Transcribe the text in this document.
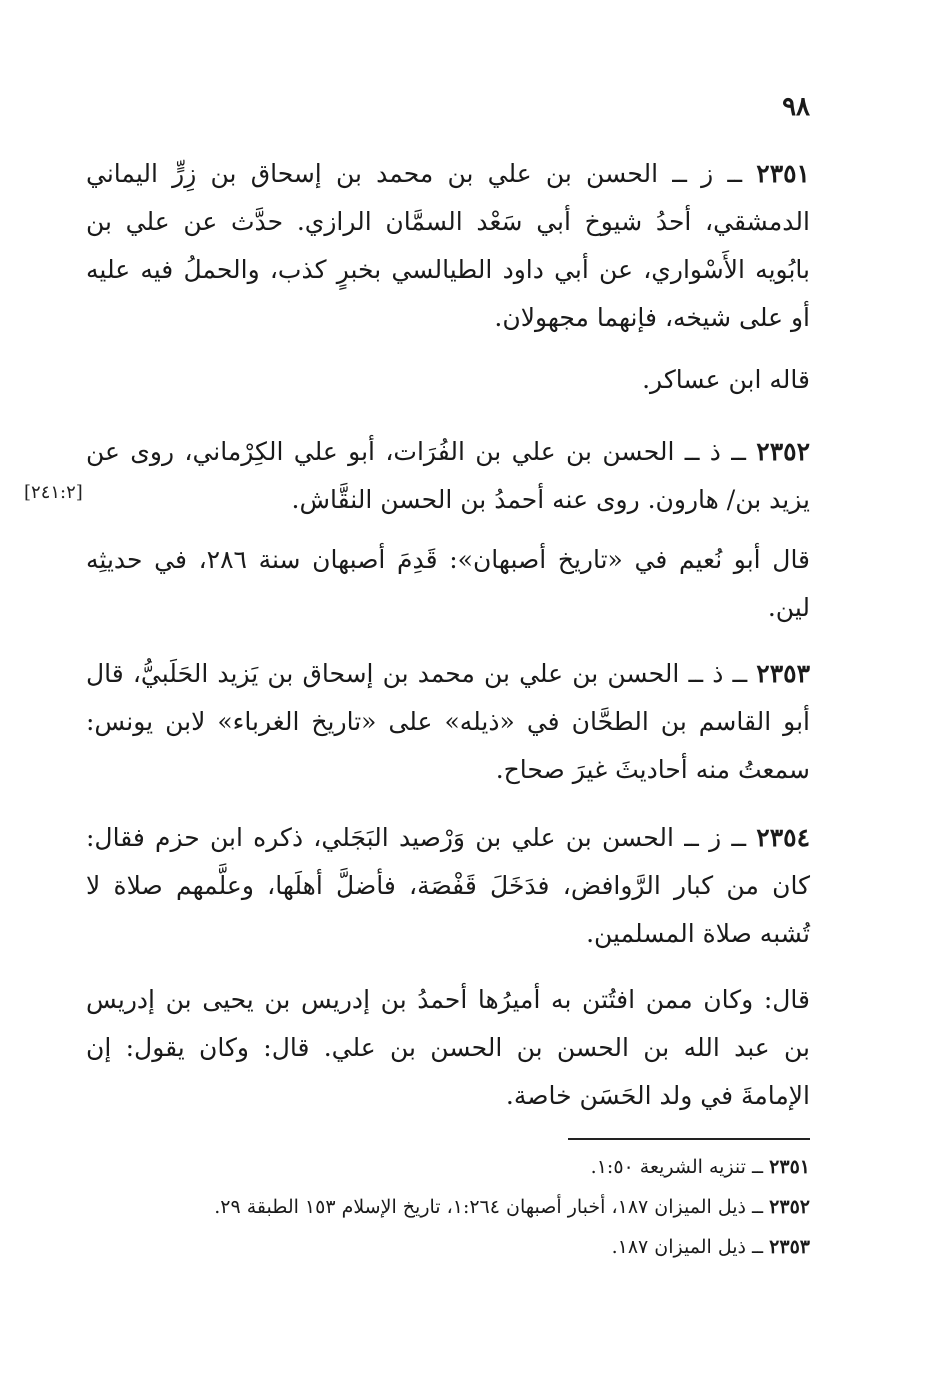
٩٨

٢٣٥١ ــ ز ــ الحسن بن علي بن محمد بن إسحاق بن زِرٍّ اليماني الدمشقي، أحدُ شيوخ أبي سَعْد السمَّان الرازي. حدَّث عن علي بن بابُويه الأَسْواري، عن أبي داود الطيالسي بخبرٍ كذب، والحملُ فيه عليه أو على شيخه، فإنهما مجهولان.

قاله ابن عساكر.

٢٣٥٢ ــ ذ ــ الحسن بن علي بن الفُرَات، أبو علي الكِرْماني، روى عن يزيد بن/ هارون. روى عنه أحمدُ بن الحسن النقَّاش.

[٢٤١:٢]

قال أبو نُعيم في «تاريخ أصبهان»: قَدِمَ أصبهان سنة ٢٨٦، في حديثِه لين.

٢٣٥٣ ــ ذ ــ الحسن بن علي بن محمد بن إسحاق بن يَزيد الحَلَبيُّ، قال أبو القاسم بن الطحَّان في «ذيله» على «تاريخ الغرباء» لابن يونس: سمعتُ منه أحاديثَ غيرَ صحاح.

٢٣٥٤ ــ ز ــ الحسن بن علي بن وَرْصيد البَجَلي، ذكره ابن حزم فقال: كان من كبار الرَّوافض، فدَخَلَ قَفْصَة، فأضلَّ أهلَها، وعلَّمهم صلاة لا تُشبه صلاة المسلمين.

قال: وكان ممن افتُتن به أميرُها أحمدُ بن إدريس بن يحيى بن إدريس بن عبد الله بن الحسن بن الحسن بن علي. قال: وكان يقول: إن الإمامةَ في ولد الحَسَن خاصة.

٢٣٥١ ــ تنزيه الشريعة ١:٥٠.

٢٣٥٢ ــ ذيل الميزان ١٨٧، أخبار أصبهان ١:٢٦٤، تاريخ الإسلام ١٥٣ الطبقة ٢٩.

٢٣٥٣ ــ ذيل الميزان ١٨٧.
